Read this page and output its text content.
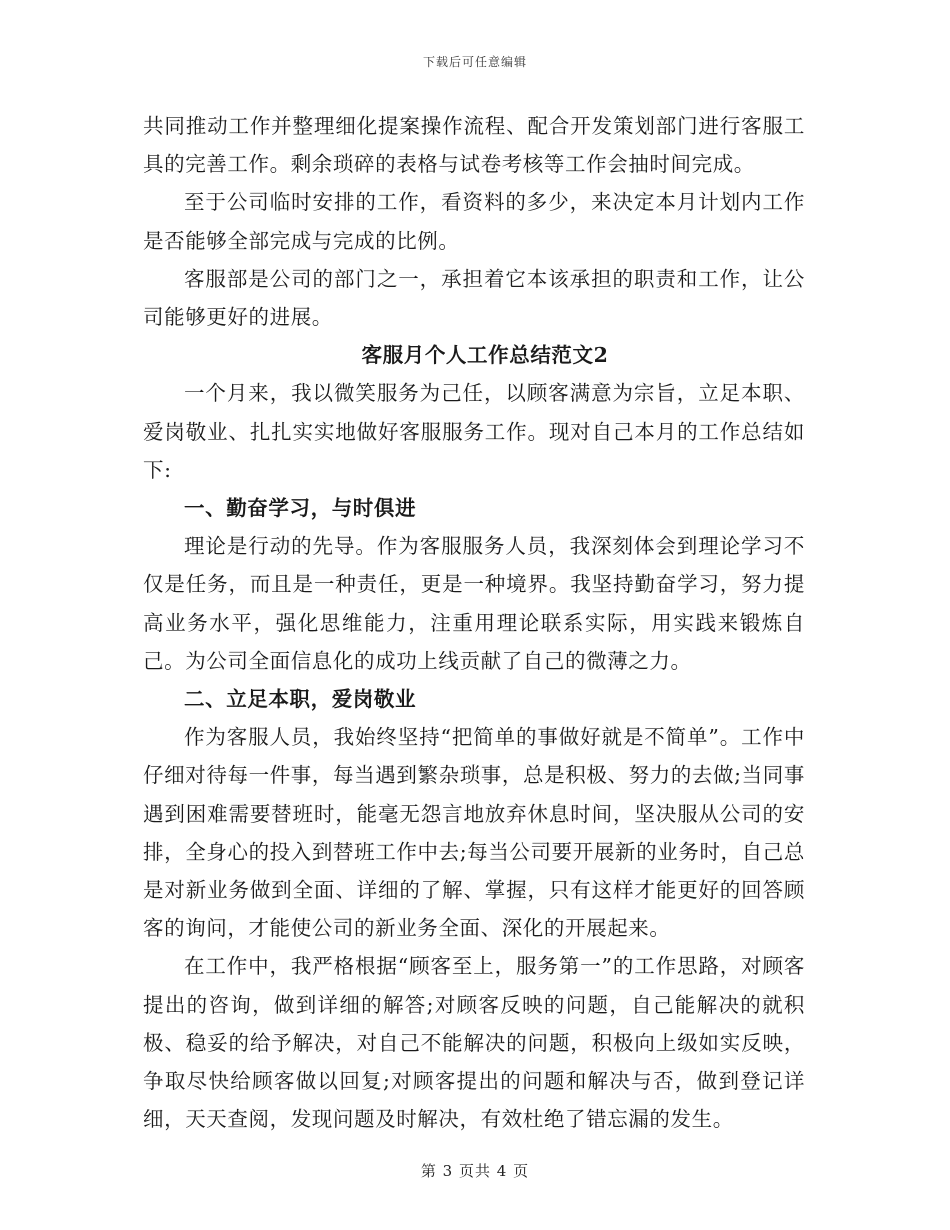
下载后可任意编辑

共同推动工作并整理细化提案操作流程、配合开发策划部门进行客服工具的完善工作。剩余琐碎的表格与试卷考核等工作会抽时间完成。

至于公司临时安排的工作，看资料的多少，来决定本月计划内工作是否能够全部完成与完成的比例。

客服部是公司的部门之一，承担着它本该承担的职责和工作，让公司能够更好的进展。

客服月个人工作总结范文2

一个月来，我以微笑服务为己任，以顾客满意为宗旨，立足本职、爱岗敬业、扎扎实实地做好客服服务工作。现对自己本月的工作总结如下:

一、勤奋学习，与时俱进

理论是行动的先导。作为客服服务人员，我深刻体会到理论学习不仅是任务，而且是一种责任，更是一种境界。我坚持勤奋学习，努力提高业务水平，强化思维能力，注重用理论联系实际，用实践来锻炼自己。为公司全面信息化的成功上线贡献了自己的微薄之力。

二、立足本职，爱岗敬业

作为客服人员，我始终坚持“把简单的事做好就是不简单”。工作中仔细对待每一件事，每当遇到繁杂琐事，总是积极、努力的去做;当同事遇到困难需要替班时，能毫无怨言地放弃休息时间，坚决服从公司的安排，全身心的投入到替班工作中去;每当公司要开展新的业务时，自己总是对新业务做到全面、详细的了解、掌握，只有这样才能更好的回答顾客的询问，才能使公司的新业务全面、深化的开展起来。

在工作中，我严格根据“顾客至上，服务第一”的工作思路，对顾客提出的咨询，做到详细的解答;对顾客反映的问题，自己能解决的就积极、稳妥的给予解决，对自己不能解决的问题，积极向上级如实反映，争取尽快给顾客做以回复;对顾客提出的问题和解决与否，做到登记详细，天天查阅，发现问题及时解决，有效杜绝了错忘漏的发生。

第 3 页共 4 页
